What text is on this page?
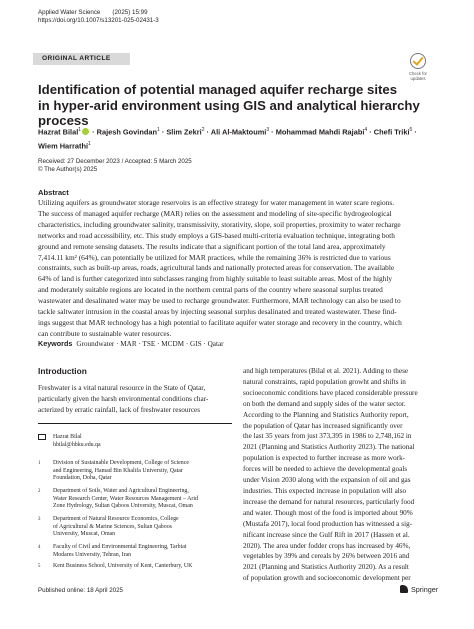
Applied Water Science (2025) 15:99
https://doi.org/10.1007/s13201-025-02431-3
ORIGINAL ARTICLE
Check for
updates
Identification of potential managed aquifer recharge sites
in hyper-arid environment using GIS and analytical hierarchy process
Hazrat Bilal$^1$ · Rajesh Govindan$^1$ · Slim Zekri$^2$ · Ali Al-Maktoumi$^3$ · Mohammad Mahdi Rajabi$^4$ · Chefi Triki$^5$ ·
Wiem Harrathi$^1$
Received: 27 December 2023 / Accepted: 5 March 2025
© The Author(s) 2025
Abstract
Utilizing aquifers as groundwater storage reservoirs is an effective strategy for water management in water scare regions.
The success of managed aquifer recharge (MAR) relies on the assessment and modeling of site-specific hydrogeological
characteristics, including groundwater salinity, transmissivity, storativity, slope, soil properties, proximity to water recharge
networks and road accessibility, etc. This study employs a GIS-based multi-criteria evaluation technique, integrating both
ground and remote sensing datasets. The results indicate that a significant portion of the total land area, approximately
7,414.11 km² (64%), can potentially be utilized for MAR practices, while the remaining 36% is restricted due to various
constraints, such as built-up areas, roads, agricultural lands and nationally protected areas for conservation. The available
64% of land is further categorized into subclasses ranging from highly suitable to least suitable areas. Most of the highly
and moderately suitable regions are located in the northern central parts of the country where seasonal surplus treated
wastewater and desalinated water may be used to recharge groundwater. Furthermore, MAR technology can also be used to
tackle saltwater intrusion in the coastal areas by injecting seasonal surplus desalinated and treated wastewater. These find-
ings suggest that MAR technology has a high potential to facilitate aquifer water storage and recovery in the country, which
can contribute to sustainable water resources.
Keywords Groundwater · MAR · TSE · MCDM · GIS · Qatar
Introduction
Freshwater is a vital natural resource in the State of Qatar,
particularly given the harsh environmental conditions char-
acterized by erratic rainfall, lack of freshwater resources
and high temperatures (Bilal et al. 2021). Adding to these
natural constraints, rapid population growht and shifts in
socioeconomic conditions have placed considerable pressure
on both the demand and supply sides of the water sector.
According to the Planning and Statistics Authority report,
the population of Qatar has increased significantly over
the last 35 years from just 373,395 in 1986 to 2,748,162 in
2021 (Planning and Statistics Authority 2023). The national
population is expected to further increase as more work-
forces will be needed to achieve the developmental goals
under Vision 2030 along with the expansion of oil and gas
industries. This expected increase in population will also
increase the demand for natural resources, particularly food
and water. Though most of the food is imported about 90%
(Mustafa 2017), local food production has witnessed a sig-
nificant increase since the Gulf Rift in 2017 (Hassen et al.
2020). The area under fodder crops has increased by 46%,
vegetables by 39% and cereals by 26% between 2016 and
2021 (Planning and Statistics Authority 2020). As a result
of population growth and socioeconomic development per
Hazrat Bilal
hbilal@hbku.edu.qa
1 Division of Sustainable Development, College of Science
and Engineering, Hamad Bin Khalifa University, Qatar
Foundation, Doha, Qatar
2 Department of Soils, Water and Agricultural Engineering,
Water Research Center, Water Resources Management – Arid
Zone Hydrology, Sultan Qaboos University, Muscat, Oman
3 Department of Natural Resource Economics, College
of Agricultural & Marine Sciences, Sultan Qaboos
University, Muscat, Oman
4 Faculty of Civil and Environmental Engineering, Tarbiat
Modares University, Tehran, Iran
5 Kent Business School, University of Kent, Canterbury, UK
Published online: 18 April 2025	Springer
